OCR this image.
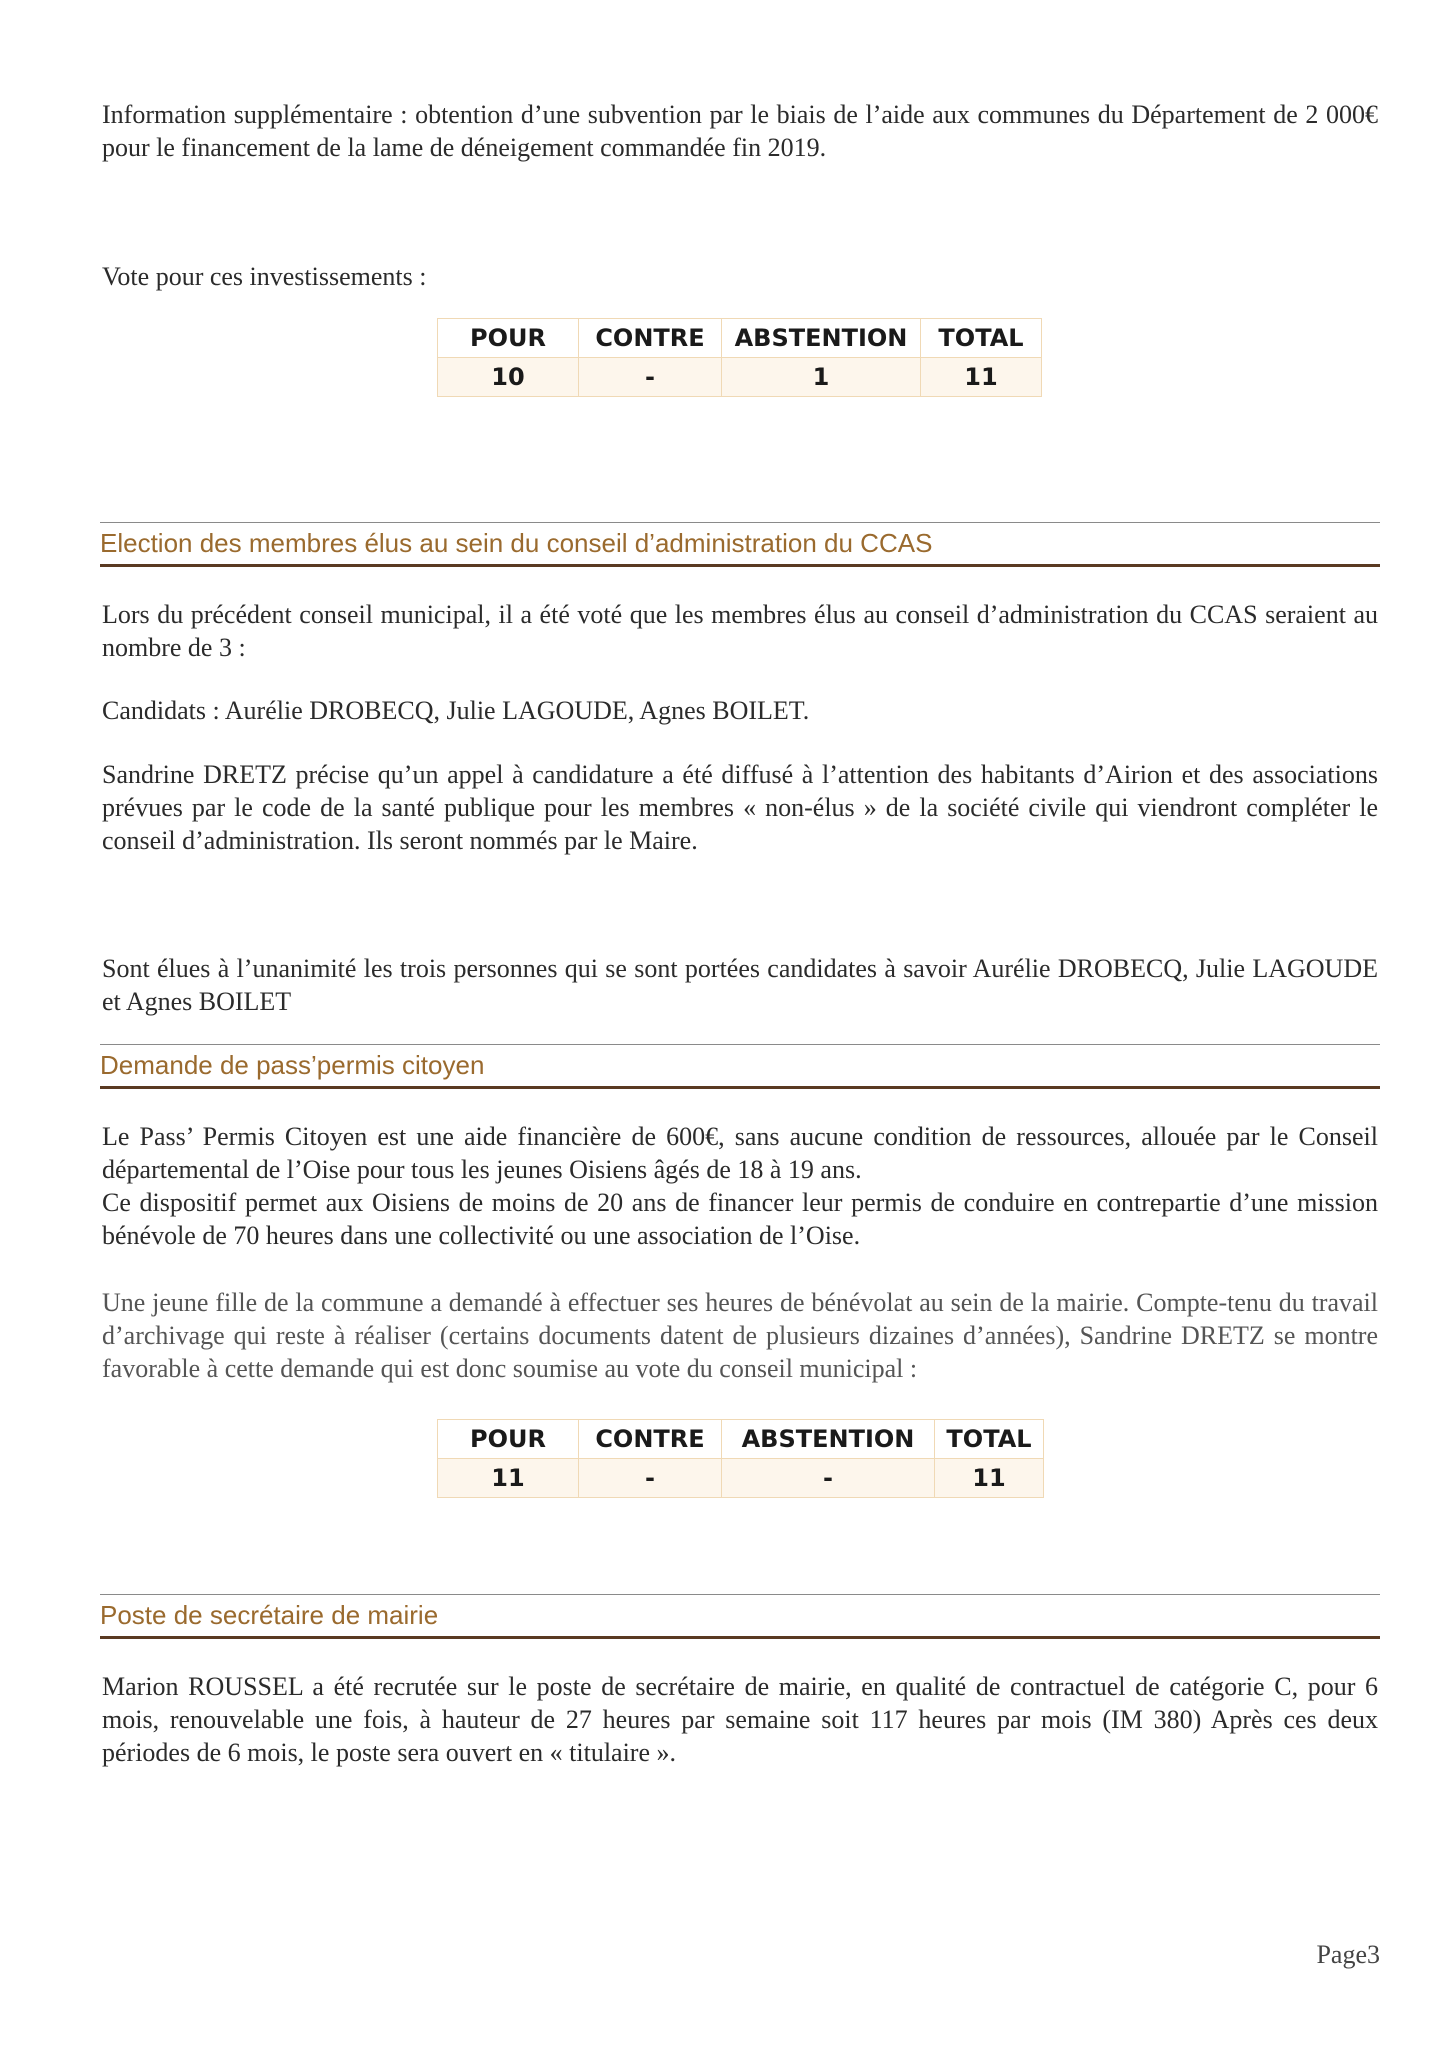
Information supplémentaire : obtention d’une subvention par le biais de l’aide aux communes du Département de 2 000€ pour le financement de la lame de déneigement commandée fin 2019.

Vote pour ces investissements :

POUR	CONTRE	ABSTENTION	TOTAL
10	-	1	11

Election des membres élus au sein du conseil d’administration du CCAS

Lors du précédent conseil municipal, il a été voté que les membres élus au conseil d’administration du CCAS seraient au nombre de 3 :

Candidats : Aurélie DROBECQ, Julie LAGOUDE, Agnes BOILET.

Sandrine DRETZ précise qu’un appel à candidature a été diffusé à l’attention des habitants d’Airion et des associations prévues par le code de la santé publique pour les membres « non-élus » de la société civile qui viendront compléter le conseil d’administration. Ils seront nommés par le Maire.

Sont élues à l’unanimité les trois personnes qui se sont portées candidates à savoir Aurélie DROBECQ, Julie LAGOUDE et Agnes BOILET

Demande de pass’permis citoyen

Le Pass’ Permis Citoyen est une aide financière de 600€, sans aucune condition de ressources, allouée par le Conseil départemental de l’Oise pour tous les jeunes Oisiens âgés de 18 à 19 ans.

Ce dispositif permet aux Oisiens de moins de 20 ans de financer leur permis de conduire en contrepartie d’une mission bénévole de 70 heures dans une collectivité ou une association de l’Oise.

Une jeune fille de la commune a demandé à effectuer ses heures de bénévolat au sein de la mairie. Compte-tenu du travail d’archivage qui reste à réaliser (certains documents datent de plusieurs dizaines d’années), Sandrine DRETZ se montre favorable à cette demande qui est donc soumise au vote du conseil municipal :

POUR	CONTRE	ABSTENTION	TOTAL
11	-	-	11

Poste de secrétaire de mairie

Marion ROUSSEL a été recrutée sur le poste de secrétaire de mairie, en qualité de contractuel de catégorie C, pour 6 mois, renouvelable une fois, à hauteur de 27 heures par semaine soit 117 heures par mois (IM 380) Après ces deux périodes de 6 mois, le poste sera ouvert en « titulaire ».

Page3
